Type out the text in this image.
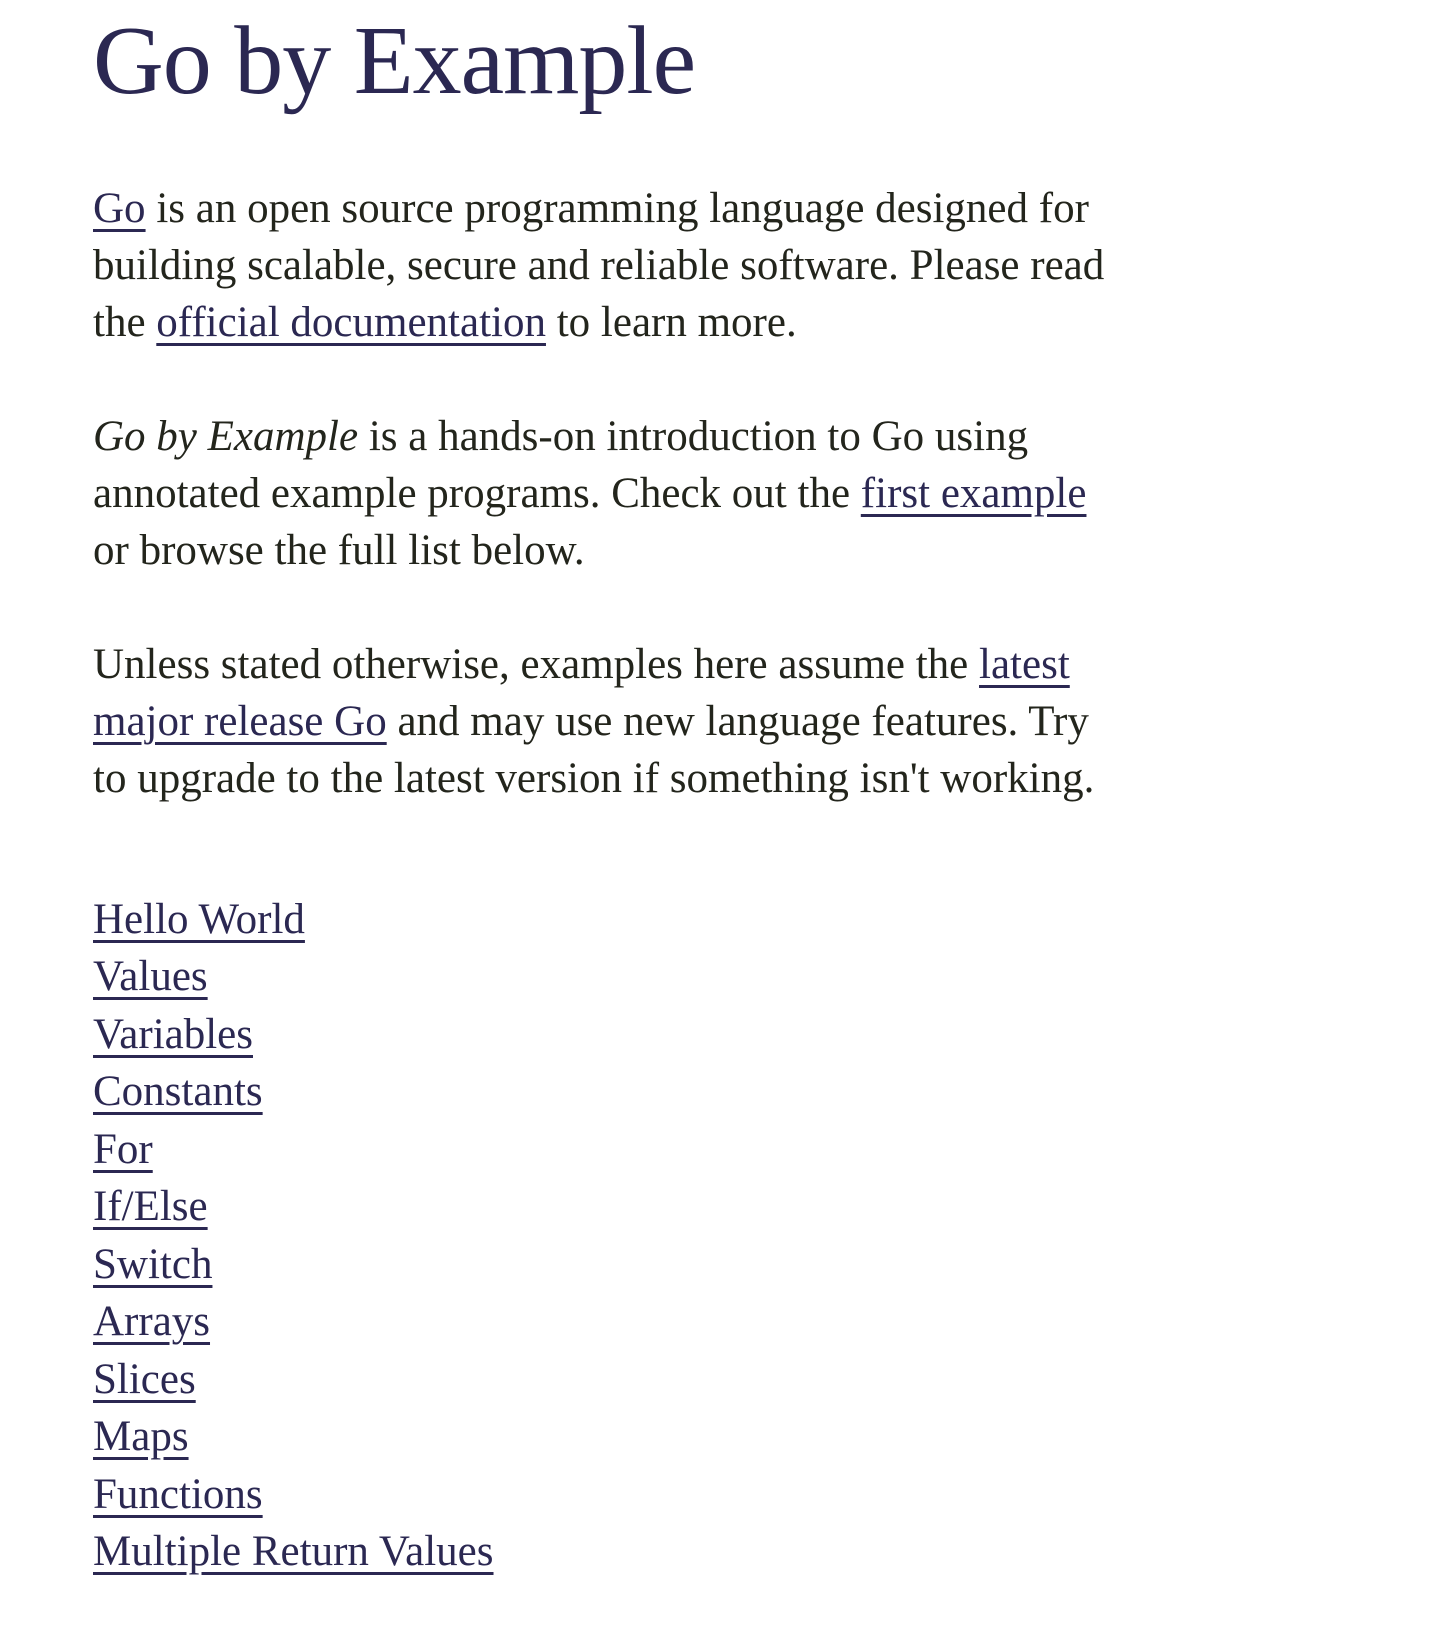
Go by Example

Go is an open source programming language designed for
building scalable, secure and reliable software. Please read
the official documentation to learn more.

Go by Example is a hands-on introduction to Go using
annotated example programs. Check out the first example
or browse the full list below.

Unless stated otherwise, examples here assume the latest
major release Go and may use new language features. Try
to upgrade to the latest version if something isn't working.

Hello World
Values
Variables
Constants
For
If/Else
Switch
Arrays
Slices
Maps
Functions
Multiple Return Values
